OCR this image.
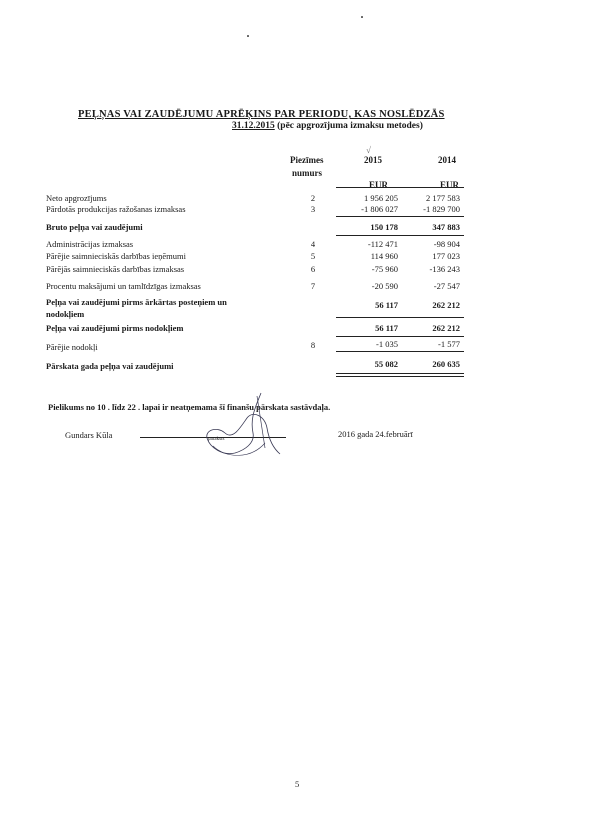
PEĻŅAS VAI ZAUDĒJUMU APRĒĶINS PAR PERIODU, KAS NOSLĒDZĀS
31.12.2015 (pēc apgrozījuma izmaksu metodes)
√
Piezīmes
numurs
2015	2014
EUR	EUR
Neto apgrozījums	2	1 956 205	2 177 583
Pārdotās produkcijas ražošanas izmaksas	3	-1 806 027	-1 829 700
Bruto peļņa vai zaudējumi	150 178	347 883
Administrācijas izmaksas	4	-112 471	-98 904
Pārējie saimnieciskās darbības ieņēmumi	5	114 960	177 023
Pārējās saimnieciskās darbības izmaksas	6	-75 960	-136 243
Procentu maksājumi un tamlīdzīgas izmaksas	7	-20 590	-27 547
Peļņa vai zaudējumi pirms ārkārtas posteņiem un
nodokļiem
56 117	262 212
Peļņa vai zaudējumi pirms nodokļiem	56 117	262 212
Pārējie nodokļi	8	-1 035	-1 577
Pārskata gada peļņa vai zaudējumi	55 082	260 635
Pielikums no 10 . līdz 22 . lapai ir neatņemama šī finanšu pārskata sastāvdaļa.
Gundars Kūla	paraksts
2016 gada 24.februārī
5
